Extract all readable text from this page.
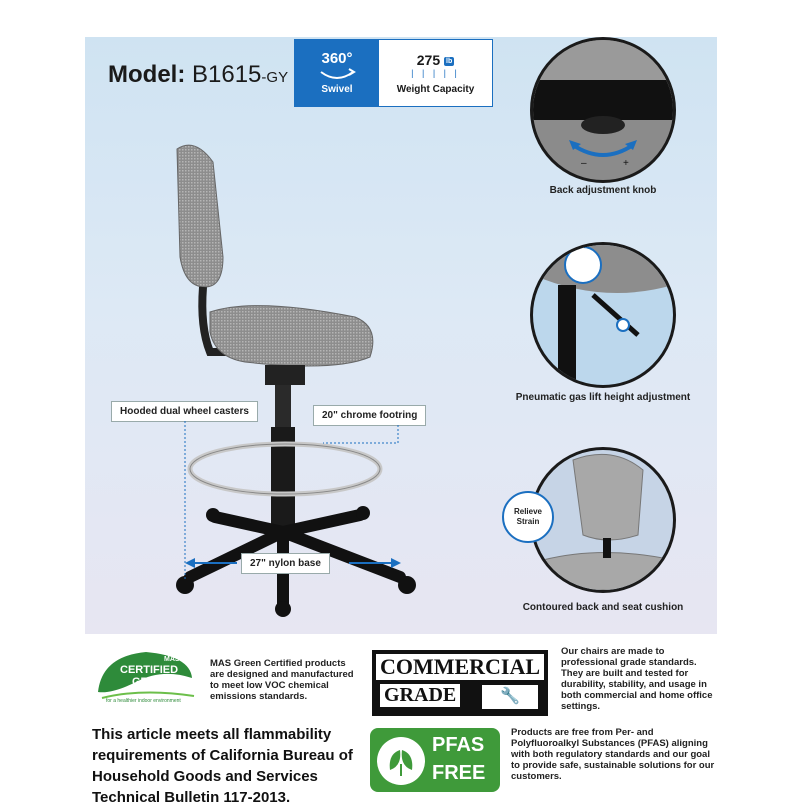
Model: B1615-GY
360°
Swivel
275 lb
| | | | |
Weight Capacity
Hooded dual wheel casters	20" chrome footring
27" nylon base
–	+
Back adjustment knob
Pneumatic gas lift height adjustment
Relieve Strain
Contoured back and seat cushion
MAS
CERTIFIED
GREEN
for a healthier indoor environment
MAS Green Certified products are designed and manufactured to meet low VOC chemical emissions standards.
COMMERCIAL
GRADE	🔧
Our chairs are made to professional grade standards. They are built and tested for durability, stability, and usage in both commercial and home office settings.
This article meets all flammability requirements of California Bureau of Household Goods and Services Technical Bulletin 117-2013.
PFAS
FREE
Products are free from Per- and Polyfluoroalkyl Substances (PFAS) aligning with both regulatory standards and our goal to provide safe, sustainable solutions for our customers.
